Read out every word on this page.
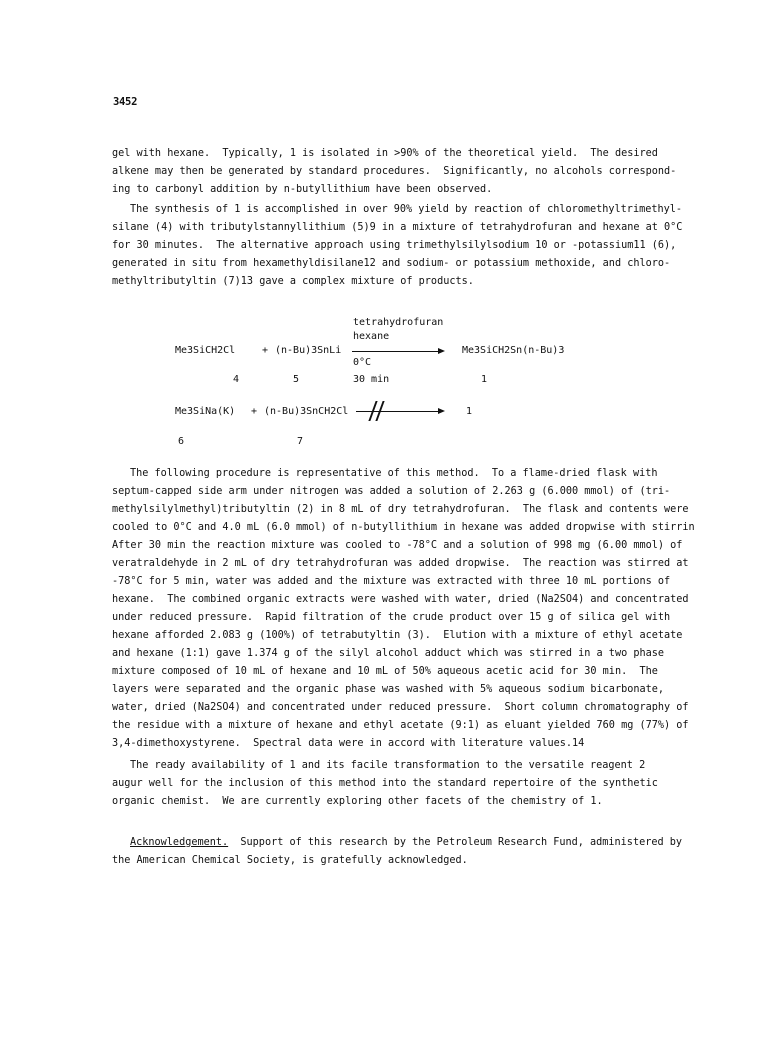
3452
gel with hexane.  Typically, 1 is isolated in >90% of the theoretical yield.  The desired
alkene may then be generated by standard procedures.  Significantly, no alcohols correspond-
ing to carbonyl addition by n-butyllithium have been observed.
The synthesis of 1 is accomplished in over 90% yield by reaction of chloromethyltrimethyl-
silane (4) with tributylstannyllithium (5)9 in a mixture of tetrahydrofuran and hexane at 0°C
for 30 minutes.  The alternative approach using trimethylsilylsodium 10 or -potassium11 (6),
generated in situ from hexamethyldisilane12 and sodium- or potassium methoxide, and chloro-
methyltributyltin (7)13 gave a complex mixture of products.
tetrahydrofuran
hexane
Me3SiCH2Cl	+ (n-Bu)3SnLi	Me3SiCH2Sn(n-Bu)3
0°C
4	5	30 min	1
Me3SiNa(K) + (n-Bu)3SnCH2Cl	1
6	7
The following procedure is representative of this method.  To a flame-dried flask with
septum-capped side arm under nitrogen was added a solution of 2.263 g (6.000 mmol) of (tri-
methylsilylmethyl)tributyltin (2) in 8 mL of dry tetrahydrofuran.  The flask and contents were
cooled to 0°C and 4.0 mL (6.0 mmol) of n-butyllithium in hexane was added dropwise with stirrin
After 30 min the reaction mixture was cooled to -78°C and a solution of 998 mg (6.00 mmol) of
veratraldehyde in 2 mL of dry tetrahydrofuran was added dropwise.  The reaction was stirred at
-78°C for 5 min, water was added and the mixture was extracted with three 10 mL portions of
hexane.  The combined organic extracts were washed with water, dried (Na2SO4) and concentrated
under reduced pressure.  Rapid filtration of the crude product over 15 g of silica gel with
hexane afforded 2.083 g (100%) of tetrabutyltin (3).  Elution with a mixture of ethyl acetate
and hexane (1:1) gave 1.374 g of the silyl alcohol adduct which was stirred in a two phase
mixture composed of 10 mL of hexane and 10 mL of 50% aqueous acetic acid for 30 min.  The
layers were separated and the organic phase was washed with 5% aqueous sodium bicarbonate,
water, dried (Na2SO4) and concentrated under reduced pressure.  Short column chromatography of
the residue with a mixture of hexane and ethyl acetate (9:1) as eluant yielded 760 mg (77%) of
3,4-dimethoxystyrene.  Spectral data were in accord with literature values.14
The ready availability of 1 and its facile transformation to the versatile reagent 2
augur well for the inclusion of this method into the standard repertoire of the synthetic
organic chemist.  We are currently exploring other facets of the chemistry of 1.
Acknowledgement.  Support of this research by the Petroleum Research Fund, administered by
the American Chemical Society, is gratefully acknowledged.
